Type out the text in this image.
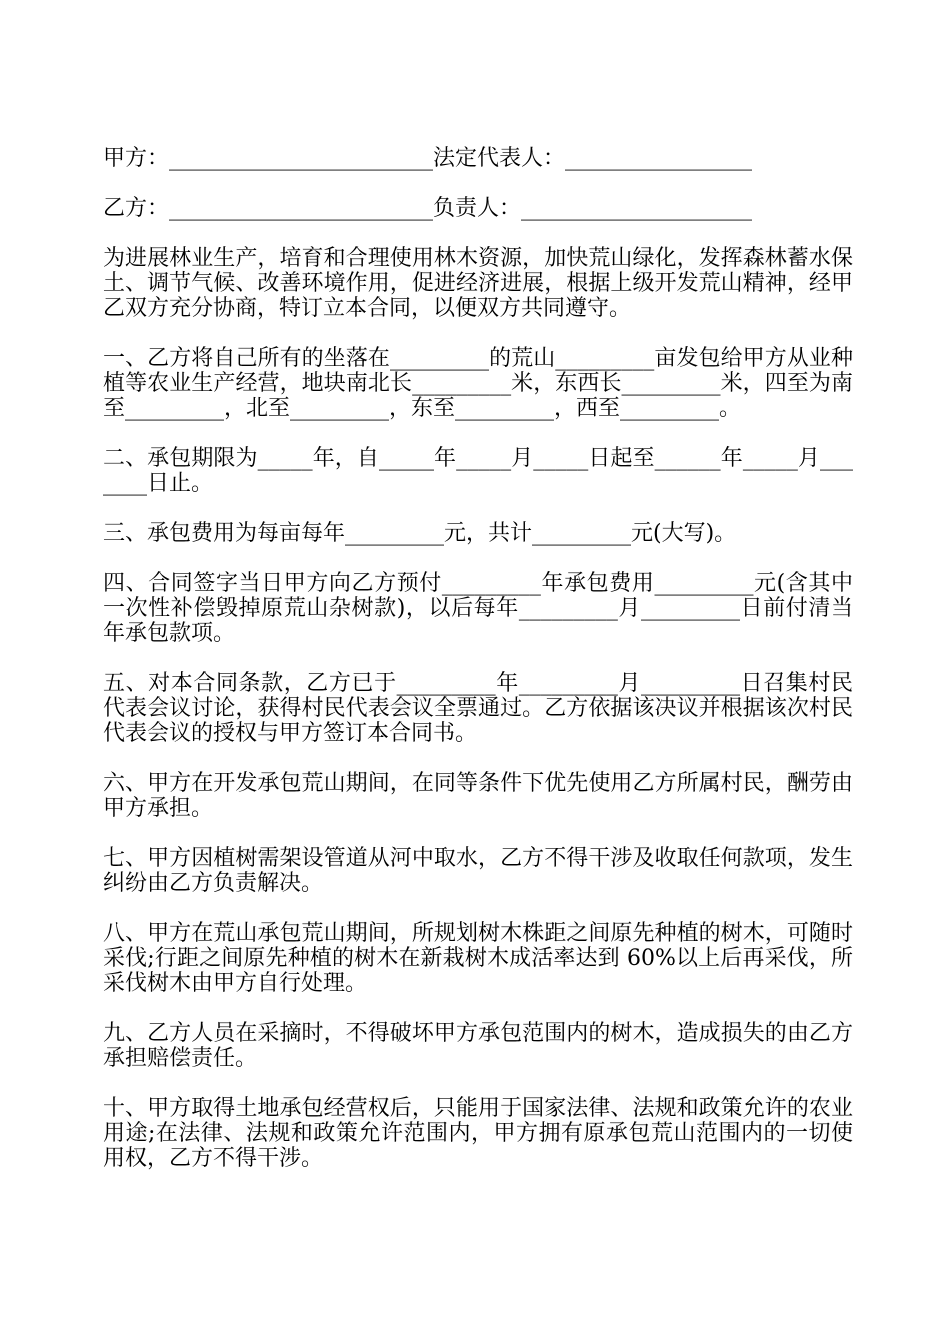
甲方：________________________法定代表人：_________________

乙方：________________________负责人：_____________________

为进展林业生产，培育和合理使用林木资源，加快荒山绿化，发挥森林蓄水保土、调节气候、改善环境作用，促进经济进展，根据上级开发荒山精神，经甲乙双方充分协商，特订立本合同，以便双方共同遵守。

一、乙方将自己所有的坐落在_________的荒山_________亩发包给甲方从业种植等农业生产经营，地块南北长_________米，东西长_________米，四至为南至_________，北至_________，东至_________，西至_________。

二、承包期限为_____年，自_____年_____月_____日起至______年_____月_______日止。

三、承包费用为每亩每年_________元，共计_________元(大写)。

四、合同签字当日甲方向乙方预付_________年承包费用_________元(含其中一次性补偿毁掉原荒山杂树款)，以后每年_________月_________日前付清当年承包款项。

五、对本合同条款，乙方已于_________年_________月_________日召集村民代表会议讨论，获得村民代表会议全票通过。乙方依据该决议并根据该次村民代表会议的授权与甲方签订本合同书。

六、甲方在开发承包荒山期间，在同等条件下优先使用乙方所属村民，酬劳由甲方承担。

七、甲方因植树需架设管道从河中取水，乙方不得干涉及收取任何款项，发生纠纷由乙方负责解决。

八、甲方在荒山承包荒山期间，所规划树木株距之间原先种植的树木，可随时采伐;行距之间原先种植的树木在新栽树木成活率达到 60%以上后再采伐，所采伐树木由甲方自行处理。

九、乙方人员在采摘时，不得破坏甲方承包范围内的树木，造成损失的由乙方承担赔偿责任。

十、甲方取得土地承包经营权后，只能用于国家法律、法规和政策允许的农业用途;在法律、法规和政策允许范围内，甲方拥有原承包荒山范围内的一切使用权，乙方不得干涉。
